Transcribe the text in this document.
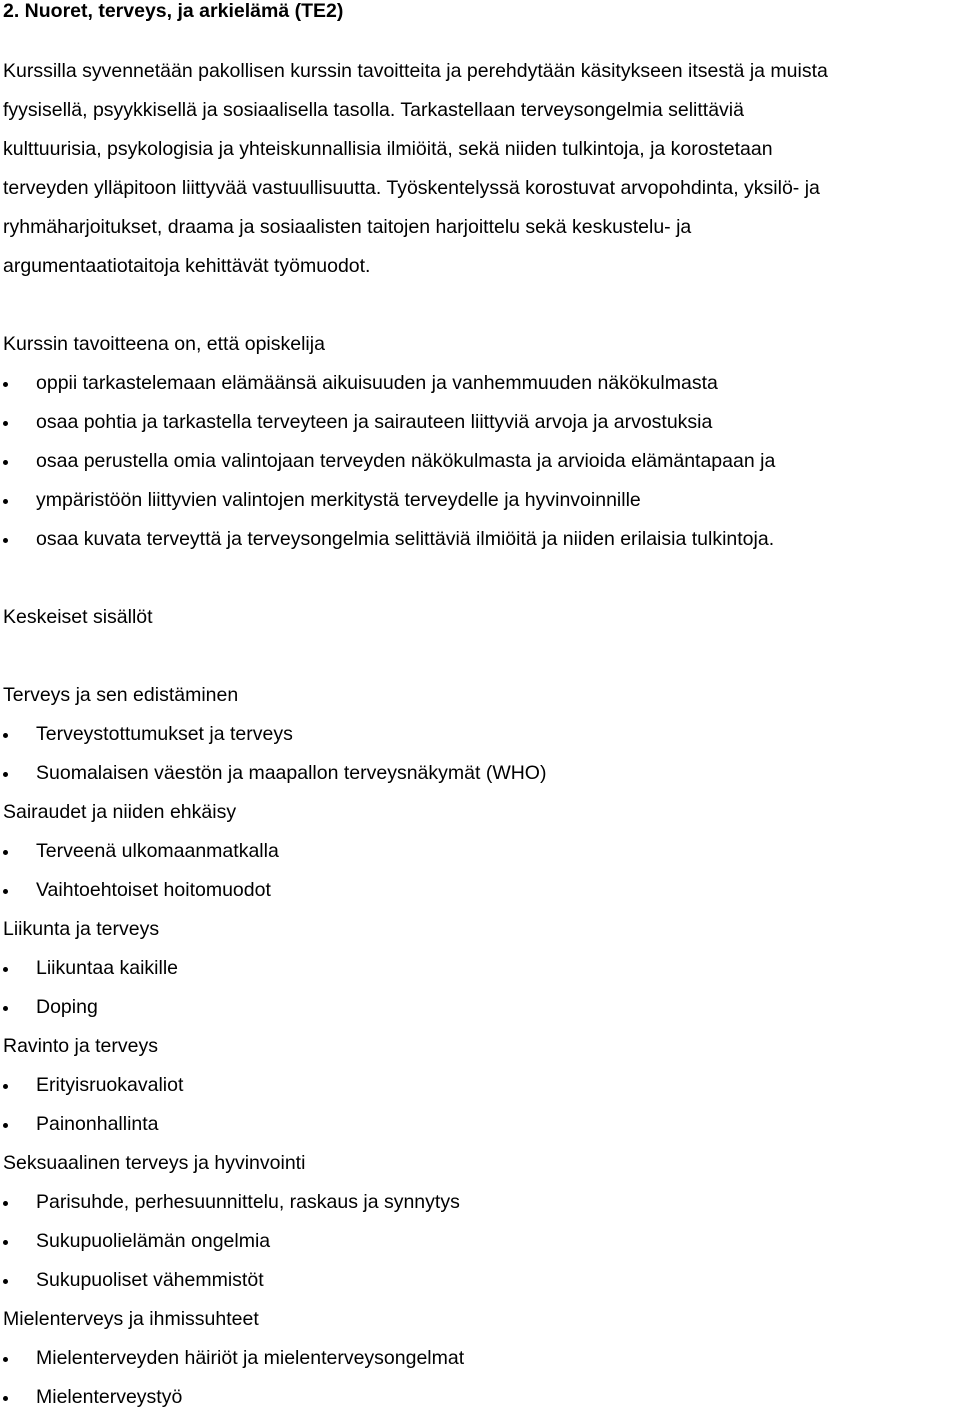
2. Nuoret, terveys, ja arkielämä (TE2)
Kurssilla syvennetään pakollisen kurssin tavoitteita ja perehdytään käsitykseen itsestä ja muista
fyysisellä, psyykkisellä ja sosiaalisella tasolla. Tarkastellaan terveysongelmia selittäviä
kulttuurisia, psykologisia ja yhteiskunnallisia ilmiöitä, sekä niiden tulkintoja, ja korostetaan
terveyden ylläpitoon liittyvää vastuullisuutta. Työskentelyssä korostuvat arvopohdinta, yksilö- ja
ryhmäharjoitukset, draama ja sosiaalisten taitojen harjoittelu sekä keskustelu- ja
argumentaatiotaitoja kehittävät työmuodot.
Kurssin tavoitteena on, että opiskelija
oppii tarkastelemaan elämäänsä aikuisuuden ja vanhemmuuden näkökulmasta
osaa pohtia ja tarkastella terveyteen ja sairauteen liittyviä arvoja ja arvostuksia
osaa perustella omia valintojaan terveyden näkökulmasta ja arvioida elämäntapaan ja
ympäristöön liittyvien valintojen merkitystä terveydelle ja hyvinvoinnille
osaa kuvata terveyttä ja terveysongelmia selittäviä ilmiöitä ja niiden erilaisia tulkintoja.
Keskeiset sisällöt
Terveys ja sen edistäminen
Terveystottumukset ja terveys
Suomalaisen väestön ja maapallon terveysnäkymät (WHO)
Sairaudet ja niiden ehkäisy
Terveenä ulkomaanmatkalla
Vaihtoehtoiset hoitomuodot
Liikunta ja terveys
Liikuntaa kaikille
Doping
Ravinto ja terveys
Erityisruokavaliot
Painonhallinta
Seksuaalinen terveys ja hyvinvointi
Parisuhde, perhesuunnittelu, raskaus ja synnytys
Sukupuolielämän ongelmia
Sukupuoliset vähemmistöt
Mielenterveys ja ihmissuhteet
Mielenterveyden häiriöt ja mielenterveysongelmat
Mielenterveystyö
